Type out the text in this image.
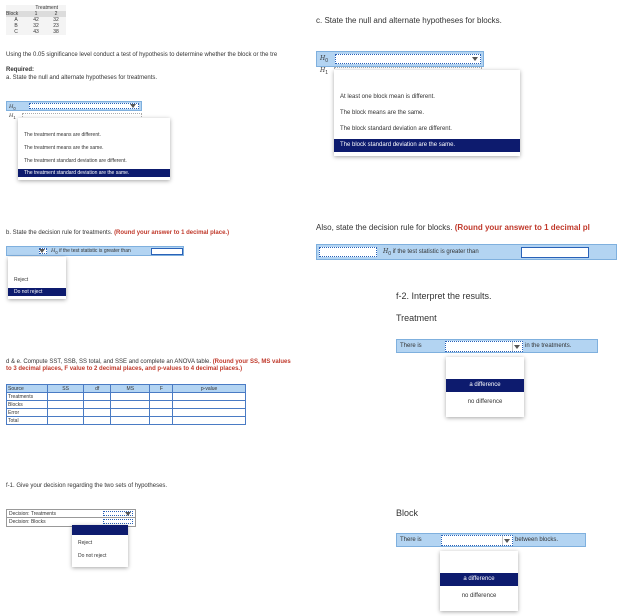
Treatment
Block	1	2
A	42	32
B	32	23
C	43	38
Using the 0.05 significance level conduct a test of hypothesis to determine whether the block or the tre
Required:
a. State the null and alternate hypotheses for treatments.
$H_0$
$H_1$
The treatment means are different.
The treatment means are the same.
The treatment standard deviation are different.
The treatment standard deviation are the same.
b. State the decision rule for treatments. (Round your answer to 1 decimal place.)
$H_0$ if the test statistic is greater than
Reject
Do not reject
d & e. Compute SST, SSB, SS total, and SSE and complete an ANOVA table. (Round your SS, MS values to 3 decimal places, F value to 2 decimal places, and p-values to 4 decimal places.)
Source	SS	df	MS	F	p-value
Treatments					
Blocks					
Error					
Total					
f-1. Give your decision regarding the two sets of hypotheses.
Decision: Treatments
Decision: Blocks
Reject
Do not reject
c. State the null and alternate hypotheses for blocks.
$H_0$
$H_1$
At least one block mean is different.
The block means are the same.
The block standard deviation are different.
The block standard deviation are the same.
Also, state the decision rule for blocks. (Round your answer to 1 decimal pl
$H_0$ if the test statistic is greater than
f-2. Interpret the results.
Treatment
There is	in the treatments.
a difference
no difference
Block
There is	between blocks.
a difference
no difference
